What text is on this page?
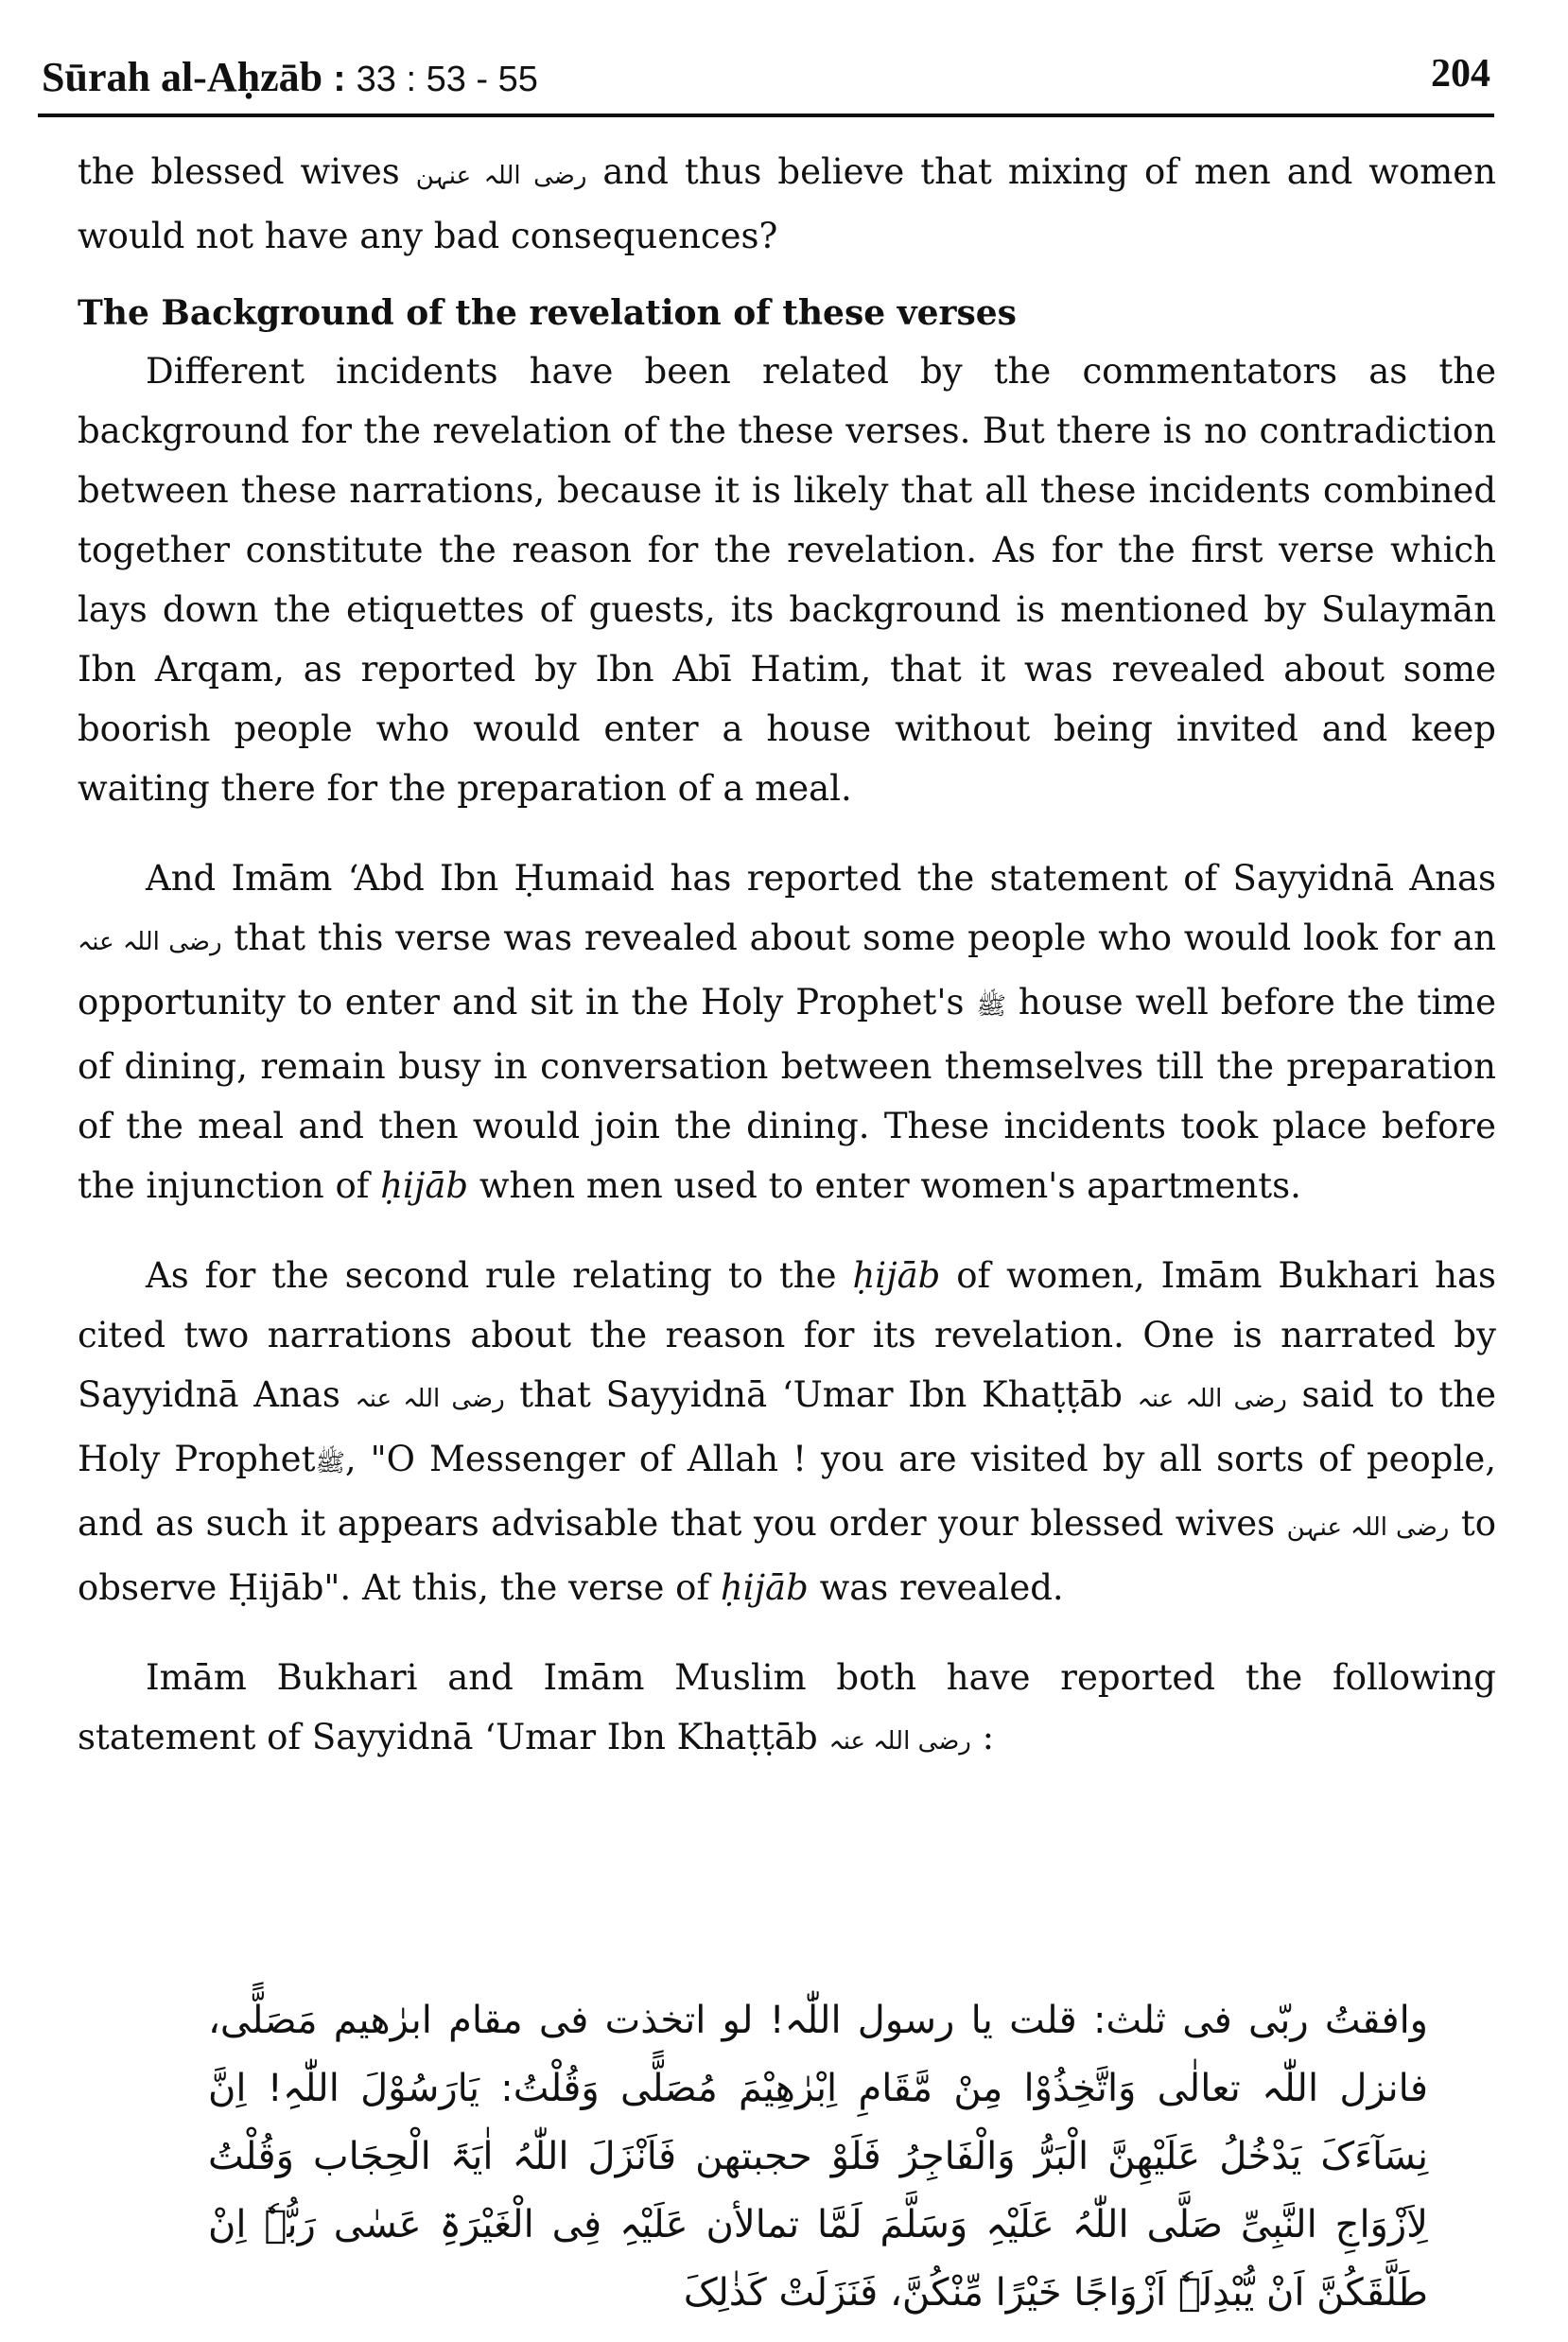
Sūrah al-Aḥzāb : 33 : 53 - 55	204

the blessed wives رضی اللہ عنہن and thus believe that mixing of men and women would not have any bad consequences?

The Background of the revelation of these verses

Different incidents have been related by the commentators as the background for the revelation of the these verses. But there is no contradiction between these narrations, because it is likely that all these incidents combined together constitute the reason for the revelation. As for the first verse which lays down the etiquettes of guests, its background is mentioned by Sulaymān Ibn Arqam, as reported by Ibn Abī Hatim, that it was revealed about some boorish people who would enter a house without being invited and keep waiting there for the preparation of a meal.

And Imām ‘Abd Ibn Ḥumaid has reported the statement of Sayyidnā Anas رضی اللہ عنہ that this verse was revealed about some people who would look for an opportunity to enter and sit in the Holy Prophet's ﷺ house well before the time of dining, remain busy in conversation between themselves till the preparation of the meal and then would join the dining. These incidents took place before the injunction of ḥijāb when men used to enter women's apartments.

As for the second rule relating to the ḥijāb of women, Imām Bukhari has cited two narrations about the reason for its revelation. One is narrated by Sayyidnā Anas رضی اللہ عنہ that Sayyidnā ‘Umar Ibn Khaṭṭāb رضی اللہ عنہ said to the Holy Prophetﷺ, "O Messenger of Allah ! you are visited by all sorts of people, and as such it appears advisable that you order your blessed wives رضی اللہ عنہن to observe Ḥijāb". At this, the verse of ḥijāb was revealed.

Imām Bukhari and Imām Muslim both have reported the following statement of Sayyidnā ‘Umar Ibn Khaṭṭāb رضی اللہ عنہ :

وافقتُ ربّی فی ثلث: قلت یا رسول اللّٰہ! لو اتخذت فی مقام ابرٰھیم مَصَلًّی، فانزل اللّٰہ تعالٰی وَاتَّخِذُوْا مِنْ مَّقَامِ اِبْرٰھِیْمَ مُصَلًّی وَقُلْتُ: یَارَسُوْلَ اللّٰہِ! اِنَّ نِسَآءَکَ یَدْخُلُ عَلَیْھِنَّ الْبَرُّ وَالْفَاجِرُ فَلَوْ حجبتھن فَاَنْزَلَ اللّٰہُ اٰیَۃَ الْحِجَاب وَقُلْتُ لِاَزْوَاجِ النَّبِیِّ صَلَّی اللّٰہُ عَلَیْہِ وَسَلَّمَ لَمَّا تمالأن عَلَیْہِ فِی الْغَیْرَۃِ عَسٰی رَبُّہٗ اِنْ طَلَّقَکُنَّ اَنْ یُّبْدِلَہٗ اَزْوَاجًا خَیْرًا مِّنْکُنَّ، فَنَزَلَتْ کَذٰلِکَ
